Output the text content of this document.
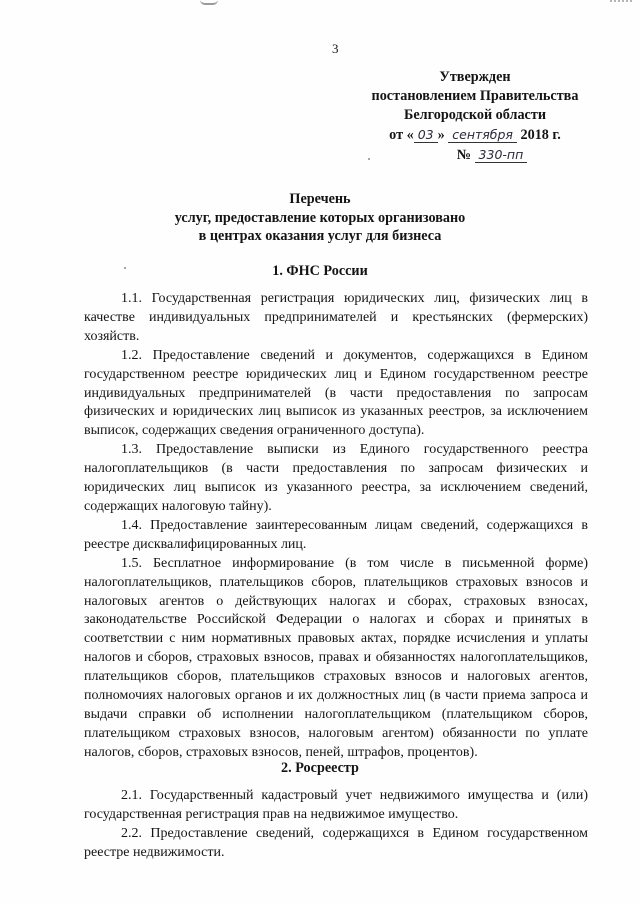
3
Утвержден
постановлением Правительства
Белгородской области
от « 03 » сентября 2018 г.
№ 330-пп
Перечень
услуг, предоставление которых организовано
в центрах оказания услуг для бизнеса
1. ФНС России

1.1. Государственная регистрация юридических лиц, физических лиц в качестве индивидуальных предпринимателей и крестьянских (фермерских) хозяйств.

1.2. Предоставление сведений и документов, содержащихся в Едином государственном реестре юридических лиц и Едином государственном реестре индивидуальных предпринимателей (в части предоставления по запросам физических и юридических лиц выписок из указанных реестров, за исключением выписок, содержащих сведения ограниченного доступа).

1.3. Предоставление выписки из Единого государственного реестра налогоплательщиков (в части предоставления по запросам физических и юридических лиц выписок из указанного реестра, за исключением сведений, содержащих налоговую тайну).

1.4. Предоставление заинтересованным лицам сведений, содержащихся в реестре дисквалифицированных лиц.

1.5. Бесплатное информирование (в том числе в письменной форме) налогоплательщиков, плательщиков сборов, плательщиков страховых взносов и налоговых агентов о действующих налогах и сборах, страховых взносах, законодательстве Российской Федерации о налогах и сборах и принятых в соответствии с ним нормативных правовых актах, порядке исчисления и уплаты налогов и сборов, страховых взносов, правах и обязанностях налогоплательщиков, плательщиков сборов, плательщиков страховых взносов и налоговых агентов, полномочиях налоговых органов и их должностных лиц (в части приема запроса и выдачи справки об исполнении налогоплательщиком (плательщиком сборов, плательщиком страховых взносов, налоговым агентом) обязанности по уплате налогов, сборов, страховых взносов, пеней, штрафов, процентов).

2. Росреестр

2.1. Государственный кадастровый учет недвижимого имущества и (или) государственная регистрация прав на недвижимое имущество.

2.2. Предоставление сведений, содержащихся в Едином государственном реестре недвижимости.
